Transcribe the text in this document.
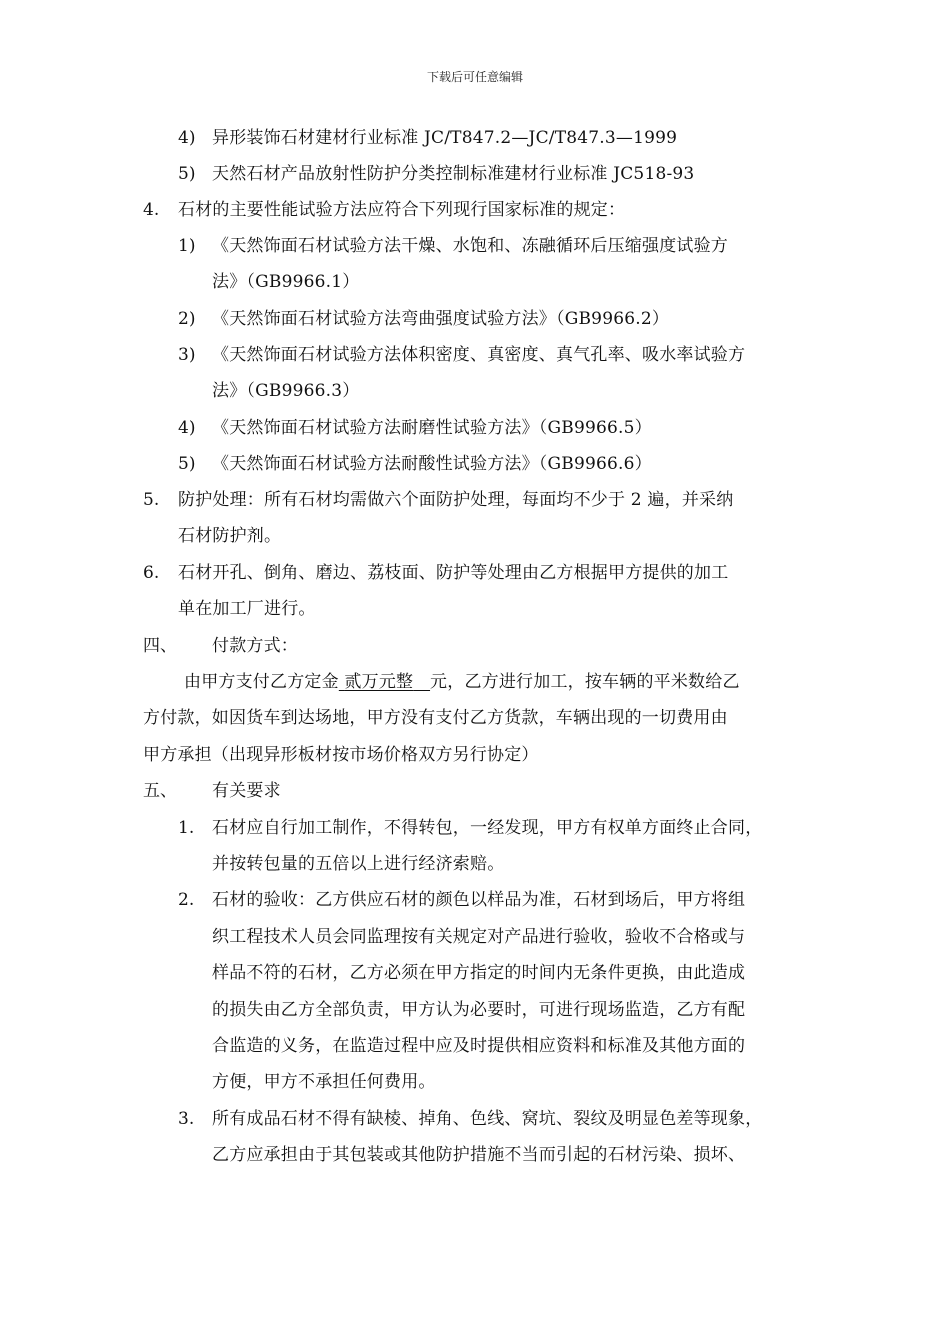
下载后可任意编辑
4) 异形装饰石材建材行业标准 JC/T847.2—JC/T847.3—1999
5) 天然石材产品放射性防护分类控制标准建材行业标准 JC518-93
4. 石材的主要性能试验方法应符合下列现行国家标准的规定：
1) 《天然饰面石材试验方法干燥、水饱和、冻融循环后压缩强度试验方
法》（GB9966.1）
2) 《天然饰面石材试验方法弯曲强度试验方法》（GB9966.2）
3) 《天然饰面石材试验方法体积密度、真密度、真气孔率、吸水率试验方
法》（GB9966.3）
4) 《天然饰面石材试验方法耐磨性试验方法》（GB9966.5）
5) 《天然饰面石材试验方法耐酸性试验方法》（GB9966.6）
5. 防护处理：所有石材均需做六个面防护处理，每面均不少于 2 遍，并采纳
石材防护剂。
6. 石材开孔、倒角、磨边、荔枝面、防护等处理由乙方根据甲方提供的加工
单在加工厂进行。
四、 付款方式：
由甲方支付乙方定金 贰万元整 元，乙方进行加工，按车辆的平米数给乙
方付款，如因货车到达场地，甲方没有支付乙方货款，车辆出现的一切费用由
甲方承担（出现异形板材按市场价格双方另行协定）
五、 有关要求
1. 石材应自行加工制作，不得转包，一经发现，甲方有权单方面终止合同，
并按转包量的五倍以上进行经济索赔。
2. 石材的验收：乙方供应石材的颜色以样品为准，石材到场后，甲方将组
织工程技术人员会同监理按有关规定对产品进行验收，验收不合格或与
样品不符的石材，乙方必须在甲方指定的时间内无条件更换，由此造成
的损失由乙方全部负责，甲方认为必要时，可进行现场监造，乙方有配
合监造的义务，在监造过程中应及时提供相应资料和标准及其他方面的
方便，甲方不承担任何费用。
3. 所有成品石材不得有缺棱、掉角、色线、窝坑、裂纹及明显色差等现象，
乙方应承担由于其包装或其他防护措施不当而引起的石材污染、损坏、
